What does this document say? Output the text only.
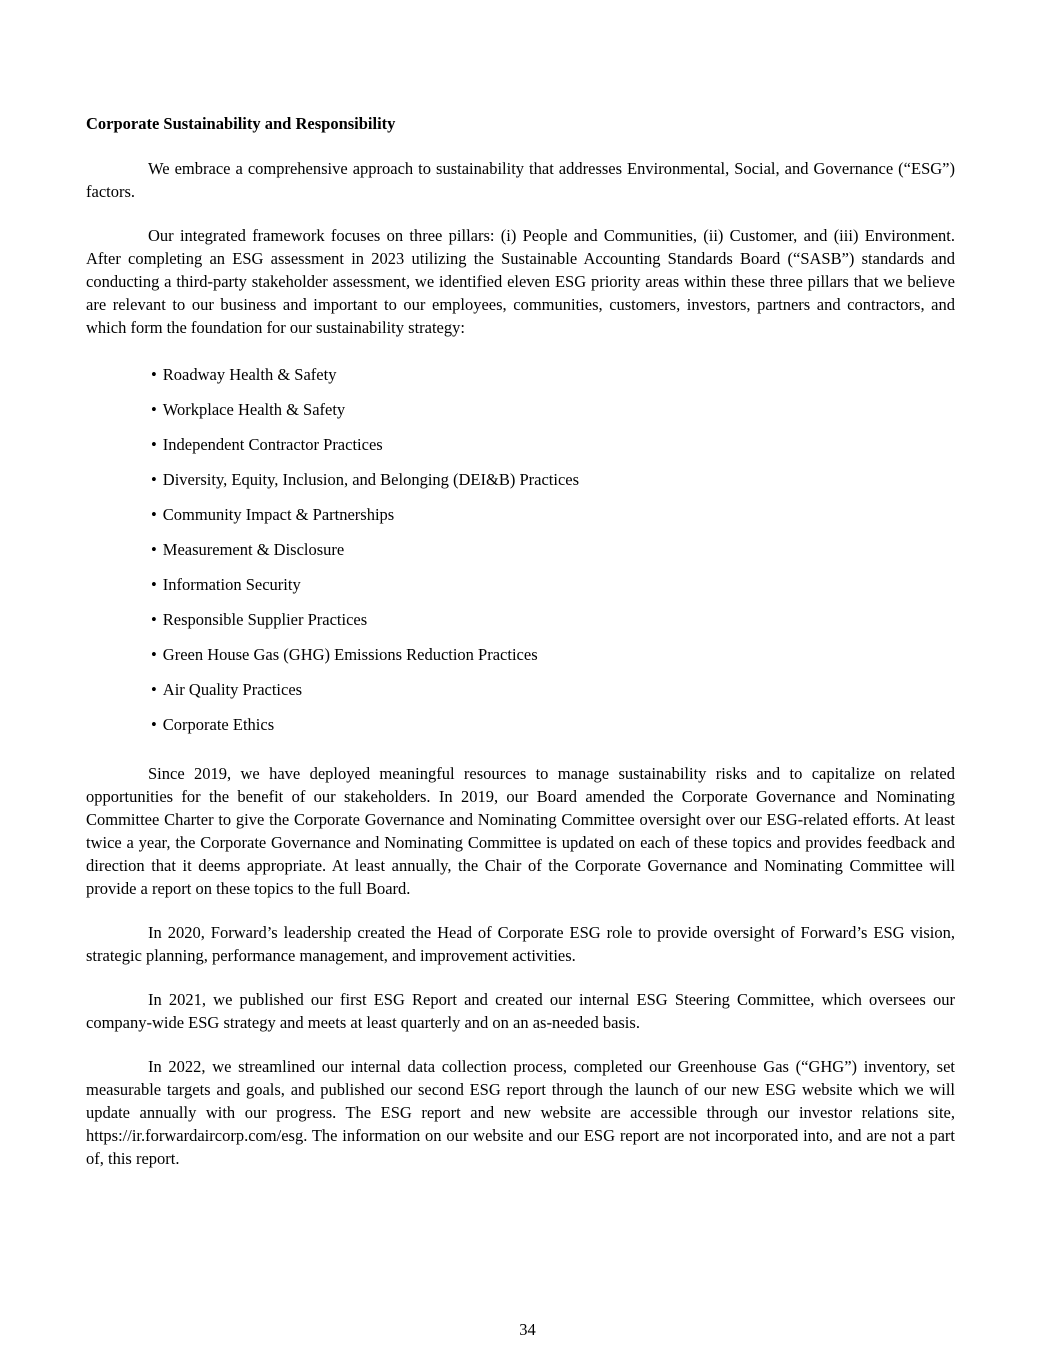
Corporate Sustainability and Responsibility

We embrace a comprehensive approach to sustainability that addresses Environmental, Social, and Governance (“ESG”) factors.

Our integrated framework focuses on three pillars: (i) People and Communities, (ii) Customer, and (iii) Environment. After completing an ESG assessment in 2023 utilizing the Sustainable Accounting Standards Board (“SASB”) standards and conducting a third-party stakeholder assessment, we identified eleven ESG priority areas within these three pillars that we believe are relevant to our business and important to our employees, communities, customers, investors, partners and contractors, and which form the foundation for our sustainability strategy:

• Roadway Health & Safety
• Workplace Health & Safety
• Independent Contractor Practices
• Diversity, Equity, Inclusion, and Belonging (DEI&B) Practices
• Community Impact & Partnerships
• Measurement & Disclosure
• Information Security
• Responsible Supplier Practices
• Green House Gas (GHG) Emissions Reduction Practices
• Air Quality Practices
• Corporate Ethics

Since 2019, we have deployed meaningful resources to manage sustainability risks and to capitalize on related opportunities for the benefit of our stakeholders. In 2019, our Board amended the Corporate Governance and Nominating Committee Charter to give the Corporate Governance and Nominating Committee oversight over our ESG-related efforts. At least twice a year, the Corporate Governance and Nominating Committee is updated on each of these topics and provides feedback and direction that it deems appropriate. At least annually, the Chair of the Corporate Governance and Nominating Committee will provide a report on these topics to the full Board.

In 2020, Forward’s leadership created the Head of Corporate ESG role to provide oversight of Forward’s ESG vision, strategic planning, performance management, and improvement activities.

In 2021, we published our first ESG Report and created our internal ESG Steering Committee, which oversees our company-wide ESG strategy and meets at least quarterly and on an as-needed basis.

In 2022, we streamlined our internal data collection process, completed our Greenhouse Gas (“GHG”) inventory, set measurable targets and goals, and published our second ESG report through the launch of our new ESG website which we will update annually with our progress. The ESG report and new website are accessible through our investor relations site, https://ir.forwardaircorp.com/esg. The information on our website and our ESG report are not incorporated into, and are not a part of, this report.

34
